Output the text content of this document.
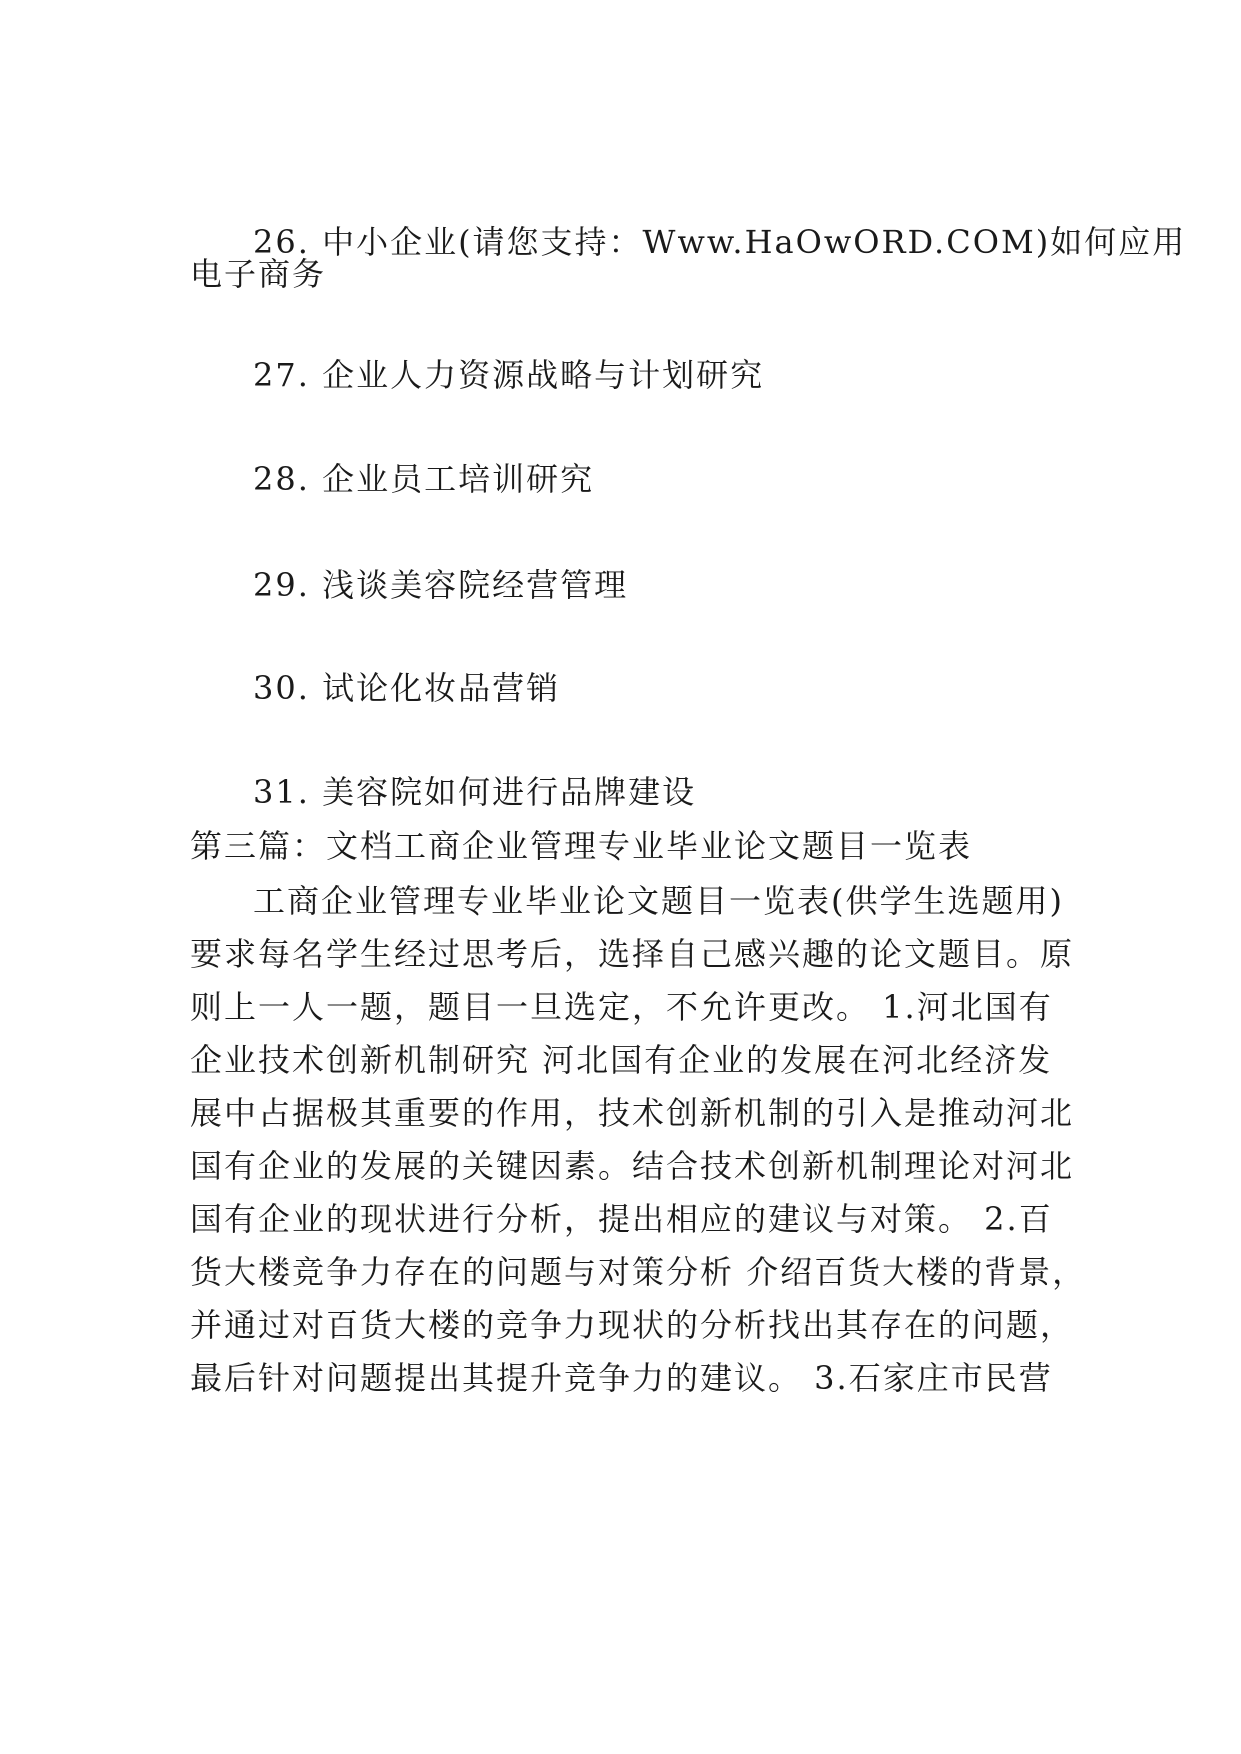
26. 中小企业(请您支持：Www.HaOwORD.COM)如何应用
电子商务
27. 企业人力资源战略与计划研究
28. 企业员工培训研究
29. 浅谈美容院经营管理
30. 试论化妆品营销
31. 美容院如何进行品牌建设
第三篇：文档工商企业管理专业毕业论文题目一览表
工商企业管理专业毕业论文题目一览表(供学生选题用)
要求每名学生经过思考后，选择自己感兴趣的论文题目。原
则上一人一题，题目一旦选定，不允许更改。 1.河北国有
企业技术创新机制研究 河北国有企业的发展在河北经济发
展中占据极其重要的作用，技术创新机制的引入是推动河北
国有企业的发展的关键因素。结合技术创新机制理论对河北
国有企业的现状进行分析，提出相应的建议与对策。 2.百
货大楼竞争力存在的问题与对策分析 介绍百货大楼的背景，
并通过对百货大楼的竞争力现状的分析找出其存在的问题，
最后针对问题提出其提升竞争力的建议。 3.石家庄市民营
